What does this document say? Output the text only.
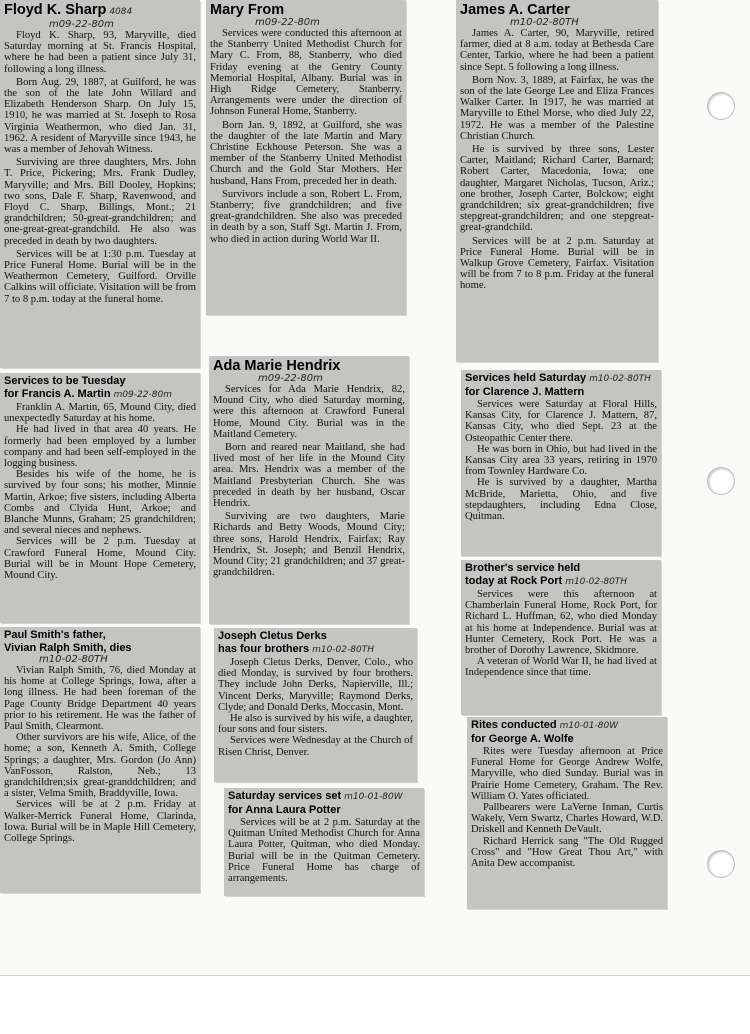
Floyd K. Sharp 4084
m09-22-80m

Floyd K. Sharp, 93, Maryville, died Saturday morning at St. Francis Hospital, where he had been a patient since July 31, following a long illness.

Born Aug. 29, 1887, at Guilford, he was the son of the late John Willard and Elizabeth Henderson Sharp. On July 15, 1910, he was married at St. Joseph to Rosa Virginia Weathermon, who died Jan. 31, 1962. A resident of Maryville since 1943, he was a member of Jehovah Witness.

Surviving are three daughters, Mrs. John T. Price, Pickering; Mrs. Frank Dudley, Maryville; and Mrs. Bill Dooley, Hopkins; two sons, Dale F. Sharp, Ravenwood, and Floyd C. Sharp, Billings, Mont.; 21 grandchildren; 50-great-grandchildren; and one-great-great-grandchild. He also was preceded in death by two daughters.

Services will be at 1:30 p.m. Tuesday at Price Funeral Home. Burial will be in the Weathermon Cemetery, Guilford. Orville Calkins will officiate. Visitation will be from 7 to 8 p.m. today at the funeral home.

Mary From
m09-22-80m

Services were conducted this afternoon at the Stanberry United Methodist Church for Mary C. From, 88, Stanberry, who died Friday evening at the Gentry County Memorial Hospital, Albany. Burial was in High Ridge Cemetery, Stanberry. Arrangements were under the direction of Johnson Funeral Home, Stanberry.

Born Jan. 9, 1892, at Guilford, she was the daughter of the late Martin and Mary Christine Eckhouse Peterson. She was a member of the Stanberry United Methodist Church and the Gold Star Mothers. Her husband, Hans From, preceded her in death.

Survivors include a son, Robert L. From, Stanberry; five grandchildren; and five great-grandchildren. She also was preceded in death by a son, Staff Sgt. Martin J. From, who died in action during World War II.

James A. Carter
m10-02-80TH

James A. Carter, 90, Maryville, retired farmer, died at 8 a.m. today at Bethesda Care Center, Tarkio, where he had been a patient since Sept. 5 following a long illness.

Born Nov. 3, 1889, at Fairfax, he was the son of the late George Lee and Eliza Frances Walker Carter. In 1917, he was married at Maryville to Ethel Morse, who died July 22, 1972. He was a member of the Palestine Christian Church.

He is survived by three sons, Lester Carter, Maitland; Richard Carter, Barnard; Robert Carter, Macedonia, Iowa; one daughter, Margaret Nicholas, Tucson, Ariz.; one brother, Joseph Carter, Bolckow; eight grandchildren; six great-grandchildren; five stepgreat-grandchildren; and one stepgreat-great-grandchild.

Services will be at 2 p.m. Saturday at Price Funeral Home. Burial will be in Walkup Grove Cemetery, Fairfax. Visitation will be from 7 to 8 p.m. Friday at the funeral home.

Services to be Tuesday
for Francis A. Martin m09-22-80m

Franklin A. Martin, 65, Mound City, died unexpectedly Saturday at his home.

He had lived in that area 40 years. He formerly had been employed by a lumber company and had been self-employed in the logging business.

Besides his wife of the home, he is survived by four sons; his mother, Minnie Martin, Arkoe; five sisters, including Alberta Combs and Clyida Hunt, Arkoe; and Blanche Munns, Graham; 25 grandchildren; and several nieces and nephews.

Services will be 2 p.m. Tuesday at Crawford Funeral Home, Mound City. Burial will be in Mount Hope Cemetery, Mound City.

Ada Marie Hendrix
m09-22-80m

Services for Ada Marie Hendrix, 82, Mound City, who died Saturday morning, were this afternoon at Crawford Funeral Home, Mound City. Burial was in the Maitland Cemetery.

Born and reared near Maitland, she had lived most of her life in the Mound City area. Mrs. Hendrix was a member of the Maitland Presbyterian Church. She was preceded in death by her husband, Oscar Hendrix.

Surviving are two daughters, Marie Richards and Betty Woods, Mound City; three sons, Harold Hendrix, Fairfax; Ray Hendrix, St. Joseph; and Benzil Hendrix, Mound City; 21 grandchildren; and 37 great-grandchildren.

Services held Saturday m10-02-80TH
for Clarence J. Mattern

Services were Saturday at Floral Hills, Kansas City, for Clarence J. Mattern, 87, Kansas City, who died Sept. 23 at the Osteopathic Center there.

He was born in Ohio, but had lived in the Kansas City area 33 years, retiring in 1970 from Townley Hardware Co.

He is survived by a daughter, Martha McBride, Marietta, Ohio, and five stepdaughters, including Edna Close, Quitman.

Brother's service held
today at Rock Port m10-02-80TH

Services were this afternoon at Chamberlain Funeral Home, Rock Port, for Richard L. Huffman, 62, who died Monday at his home at Independence. Burial was at Hunter Cemetery, Rock Port. He was a brother of Dorothy Lawrence, Skidmore.

A veteran of World War II, he had lived at Independence since that time.

Paul Smith's father,
Vivian Ralph Smith, dies
m10-02-80TH

Vivian Ralph Smith, 76, died Monday at his home at College Springs, Iowa, after a long illness. He had been foreman of the Page County Bridge Department 40 years prior to his retirement. He was the father of Paul Smith, Clearmont.

Other survivors are his wife, Alice, of the home; a son, Kenneth A. Smith, College Springs; a daughter, Mrs. Gordon (Jo Ann) VanFosson, Ralston, Neb.; 13 grandchildren;six great-granddchildren; and a sister, Velma Smith, Braddyville, Iowa.

Services will be at 2 p.m. Friday at Walker-Merrick Funeral Home, Clarinda, Iowa. Burial will be in Maple Hill Cemetery, College Springs.

Joseph Cletus Derks
has four brothers m10-02-80TH

Joseph Cletus Derks, Denver, Colo., who died Monday, is survived by four brothers. They include John Derks, Napierville, Ill.; Vincent Derks, Maryville; Raymond Derks, Clyde; and Donald Derks, Moccasin, Mont.

He also is survived by his wife, a daughter, four sons and four sisters.

Services were Wednesday at the Church of Risen Christ, Denver.

Saturday services set m10-01-80W
for Anna Laura Potter

Services will be at 2 p.m. Saturday at the Quitman United Methodist Church for Anna Laura Potter, Quitman, who died Monday. Burial will be in the Quitman Cemetery. Price Funeral Home has charge of arrangements.

Rites conducted m10-01-80W
for George A. Wolfe

Rites were Tuesday afternoon at Price Funeral Home for George Andrew Wolfe, Maryville, who died Sunday. Burial was in Prairie Home Cemetery, Graham. The Rev. William O. Yates officiated.

Pallbearers were LaVerne Inman, Curtis Wakely, Vern Swartz, Charles Howard, W.D. Driskell and Kenneth DeVault.

Richard Herrick sang "The Old Rugged Cross" and "How Great Thou Art," with Anita Dew accompanist.
